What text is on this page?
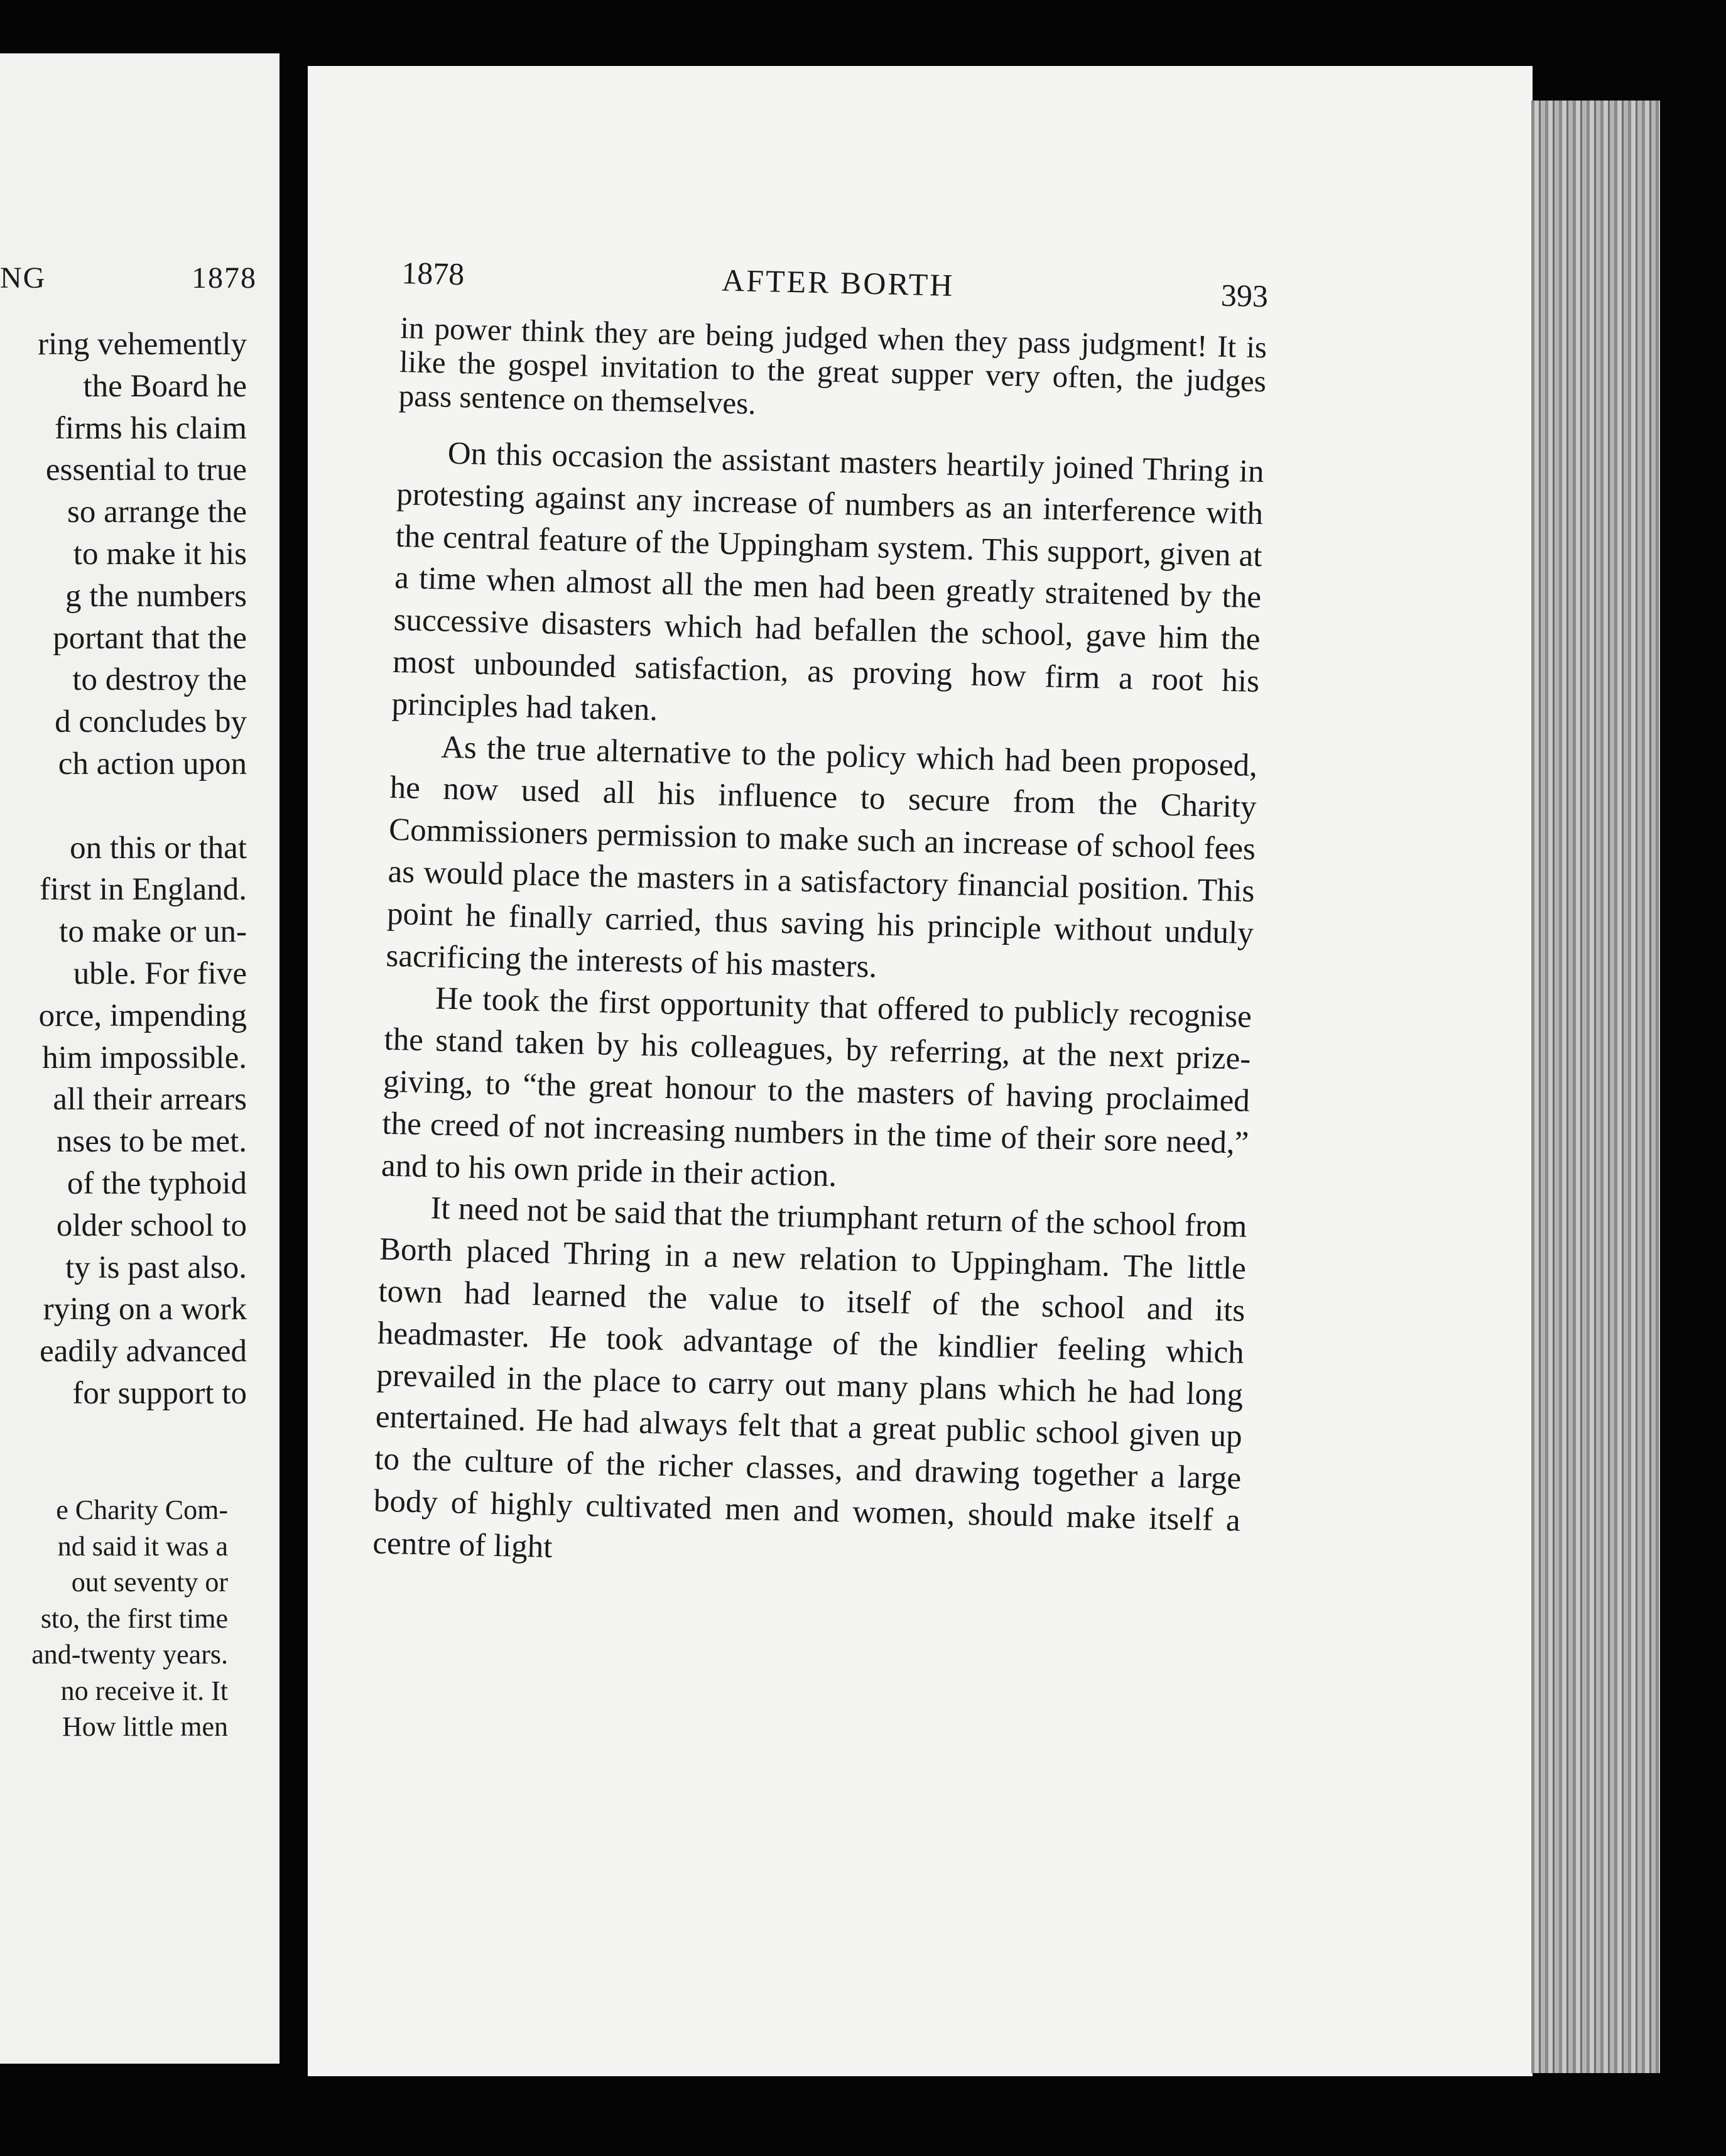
NG	1878
ring vehemently
the Board he
firms his claim
essential to true
so arrange the
to make it his
g the numbers
portant that the
to destroy the
d concludes by
ch action upon

on this or that
first in England.
to make or un-
uble. For five
orce, impending
him impossible.
all their arrears
nses to be met.
of the typhoid
older school to
ty is past also.
rying on a work
eadily advanced
for support to
e Charity Com-
nd said it was a
out seventy or
sto, the first time
and-twenty years.
no receive it. It
How little men
1878	AFTER BORTH	393

in power think they are being judged when they pass judgment! It is like the gospel invitation to the great supper very often, the judges pass sentence on themselves.

On this occasion the assistant masters heartily joined Thring in protesting against any increase of numbers as an interference with the central feature of the Uppingham system. This support, given at a time when almost all the men had been greatly straitened by the successive disasters which had befallen the school, gave him the most unbounded satisfaction, as proving how firm a root his principles had taken.

As the true alternative to the policy which had been proposed, he now used all his influence to secure from the Charity Commissioners permission to make such an increase of school fees as would place the masters in a satisfactory financial position. This point he finally carried, thus saving his principle without unduly sacrificing the interests of his masters.

He took the first opportunity that offered to publicly recognise the stand taken by his colleagues, by referring, at the next prize-giving, to “the great honour to the masters of having proclaimed the creed of not increasing numbers in the time of their sore need,” and to his own pride in their action.

It need not be said that the triumphant return of the school from Borth placed Thring in a new relation to Uppingham. The little town had learned the value to itself of the school and its headmaster. He took advantage of the kindlier feeling which prevailed in the place to carry out many plans which he had long entertained. He had always felt that a great public school given up to the culture of the richer classes, and drawing together a large body of highly cultivated men and women, should make itself a centre of light
